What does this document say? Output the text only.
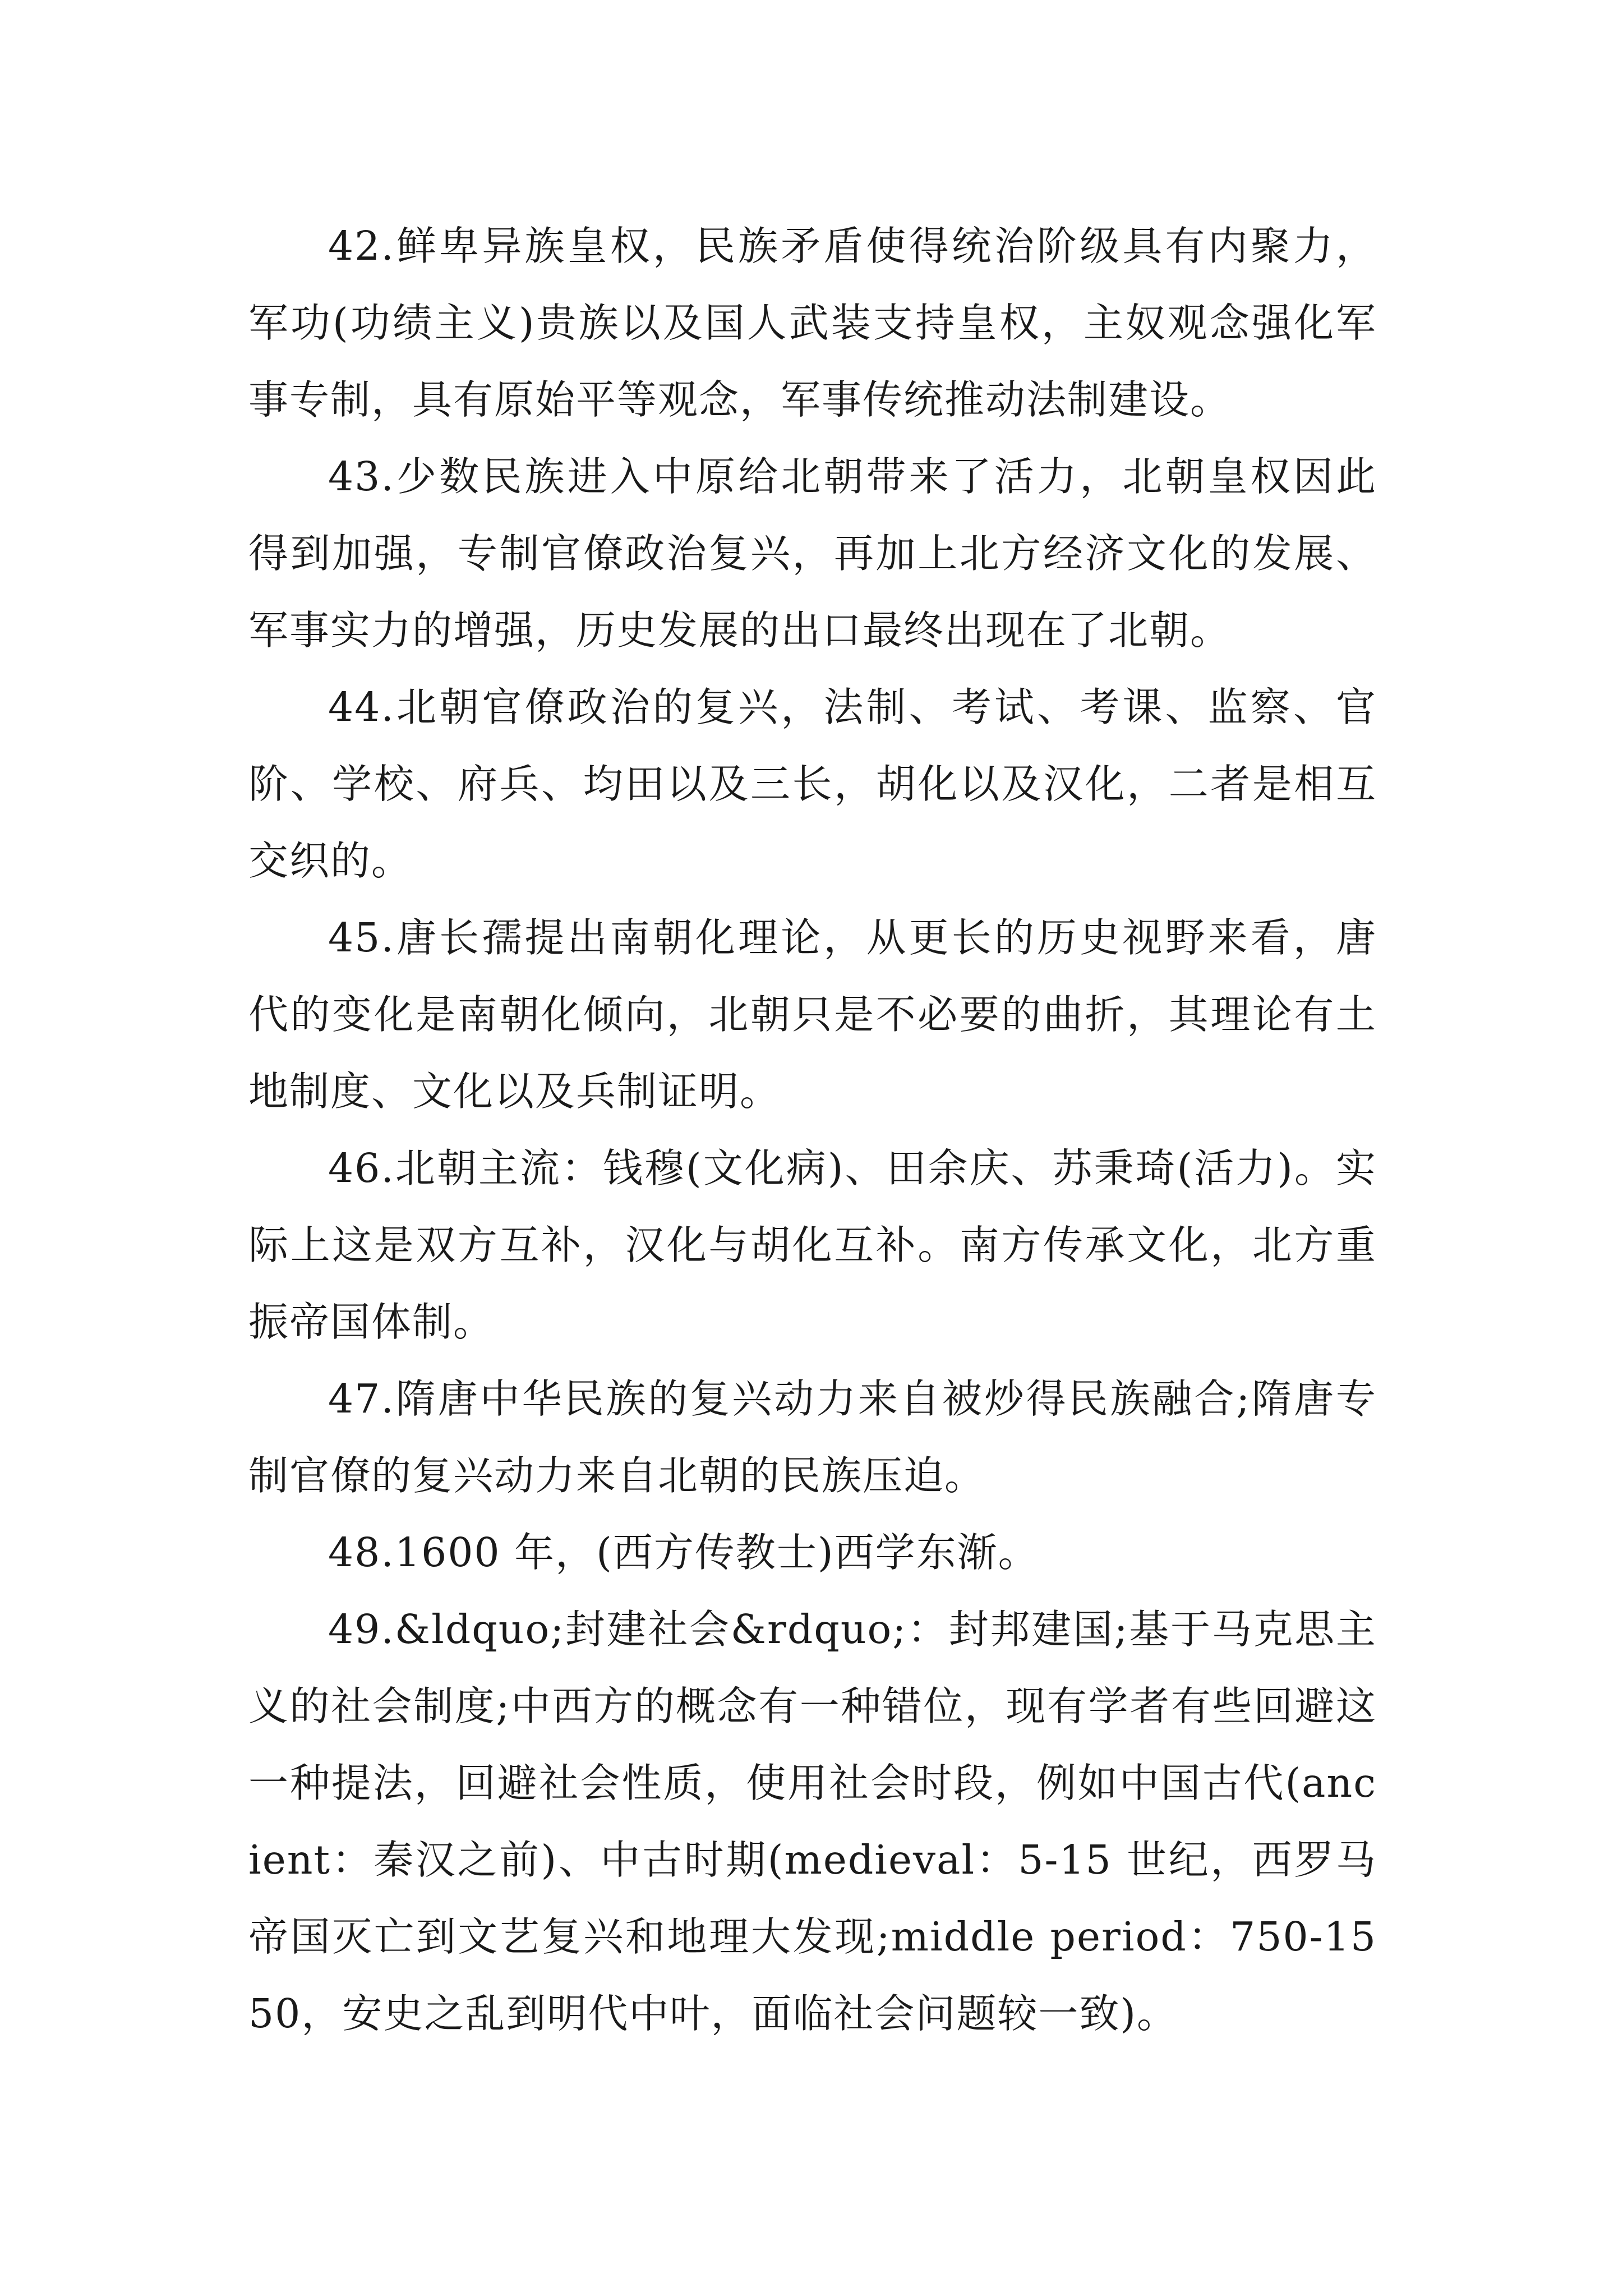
42.鲜卑异族皇权，民族矛盾使得统治阶级具有内聚力，军功(功绩主义)贵族以及国人武装支持皇权，主奴观念强化军事专制，具有原始平等观念，军事传统推动法制建设。

43.少数民族进入中原给北朝带来了活力，北朝皇权因此得到加强，专制官僚政治复兴，再加上北方经济文化的发展、军事实力的增强，历史发展的出口最终出现在了北朝。

44.北朝官僚政治的复兴，法制、考试、考课、监察、官阶、学校、府兵、均田以及三长，胡化以及汉化，二者是相互交织的。

45.唐长孺提出南朝化理论，从更长的历史视野来看，唐代的变化是南朝化倾向，北朝只是不必要的曲折，其理论有土地制度、文化以及兵制证明。

46.北朝主流：钱穆(文化病)、田余庆、苏秉琦(活力)。实际上这是双方互补，汉化与胡化互补。南方传承文化，北方重振帝国体制。

47.隋唐中华民族的复兴动力来自被炒得民族融合;隋唐专制官僚的复兴动力来自北朝的民族压迫。

48.1600 年，(西方传教士)西学东渐。

49.&ldquo;封建社会&rdquo;：封邦建国;基于马克思主义的社会制度;中西方的概念有一种错位，现有学者有些回避这一种提法，回避社会性质，使用社会时段，例如中国古代(ancient：秦汉之前)、中古时期(medieval：5-15 世纪，西罗马帝国灭亡到文艺复兴和地理大发现;middle period：750-1550，安史之乱到明代中叶，面临社会问题较一致)。
